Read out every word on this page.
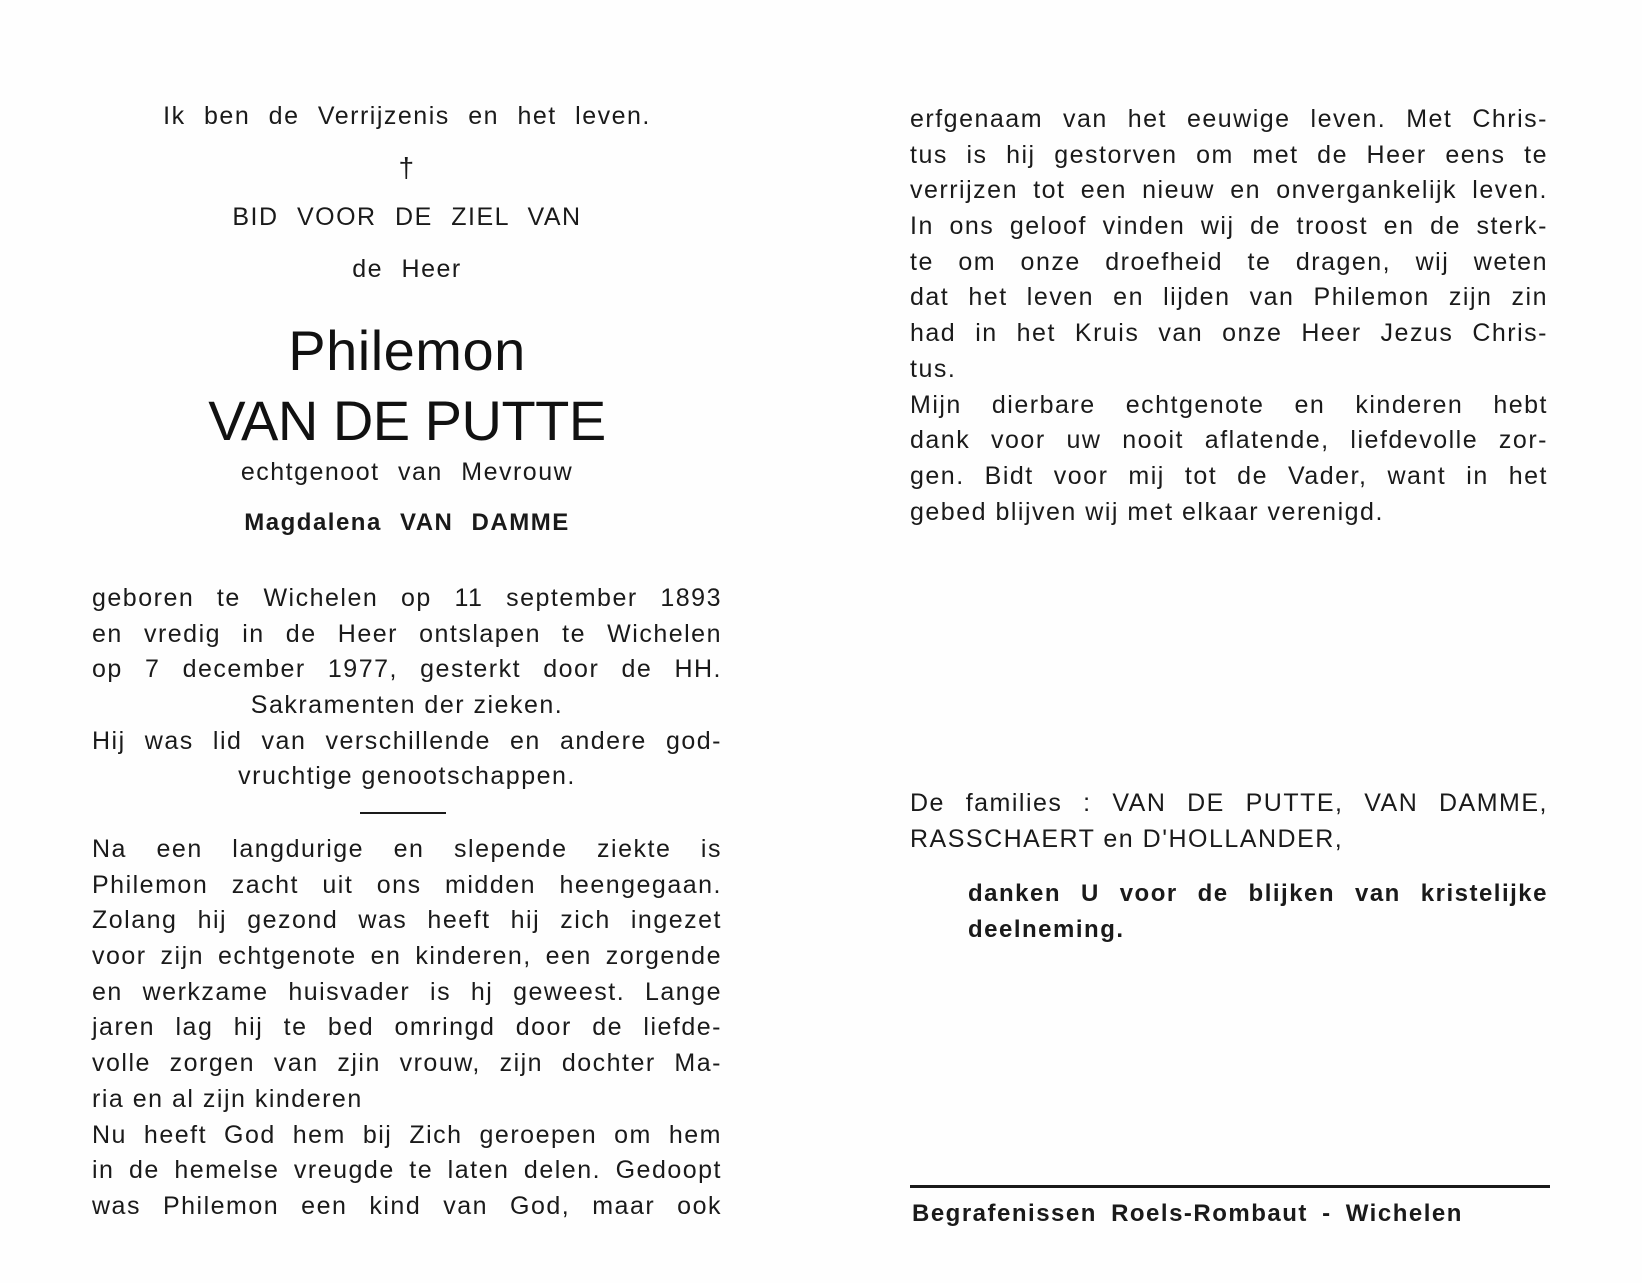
Ik ben de Verrijzenis en het leven.
†
BID VOOR DE ZIEL VAN
de Heer
Philemon
VAN DE PUTTE
echtgenoot van Mevrouw
Magdalena VAN DAMME
geboren te Wichelen op 11 september 1893
en vredig in de Heer ontslapen te Wichelen
op 7 december 1977, gesterkt door de HH.
Sakramenten der zieken.
Hij was lid van verschillende en andere god-
vruchtige genootschappen.
Na een langdurige en slepende ziekte is
Philemon zacht uit ons midden heengegaan.
Zolang hij gezond was heeft hij zich ingezet
voor zijn echtgenote en kinderen, een zorgende
en werkzame huisvader is hj geweest. Lange
jaren lag hij te bed omringd door de liefde-
volle zorgen van zjin vrouw, zijn dochter Ma-
ria en al zijn kinderen
Nu heeft God hem bij Zich geroepen om hem
in de hemelse vreugde te laten delen. Gedoopt
was Philemon een kind van God, maar ook
erfgenaam van het eeuwige leven. Met Chris-
tus is hij gestorven om met de Heer eens te
verrijzen tot een nieuw en onvergankelijk leven.
In ons geloof vinden wij de troost en de sterk-
te om onze droefheid te dragen, wij weten
dat het leven en lijden van Philemon zijn zin
had in het Kruis van onze Heer Jezus Chris-
tus.
Mijn dierbare echtgenote en kinderen hebt
dank voor uw nooit aflatende, liefdevolle zor-
gen. Bidt voor mij tot de Vader, want in het
gebed blijven wij met elkaar verenigd.
De families : VAN DE PUTTE, VAN DAMME,
RASSCHAERT en D'HOLLANDER,
danken U voor de blijken van kristelijke
deelneming.
Begrafenissen Roels-Rombaut - Wichelen
